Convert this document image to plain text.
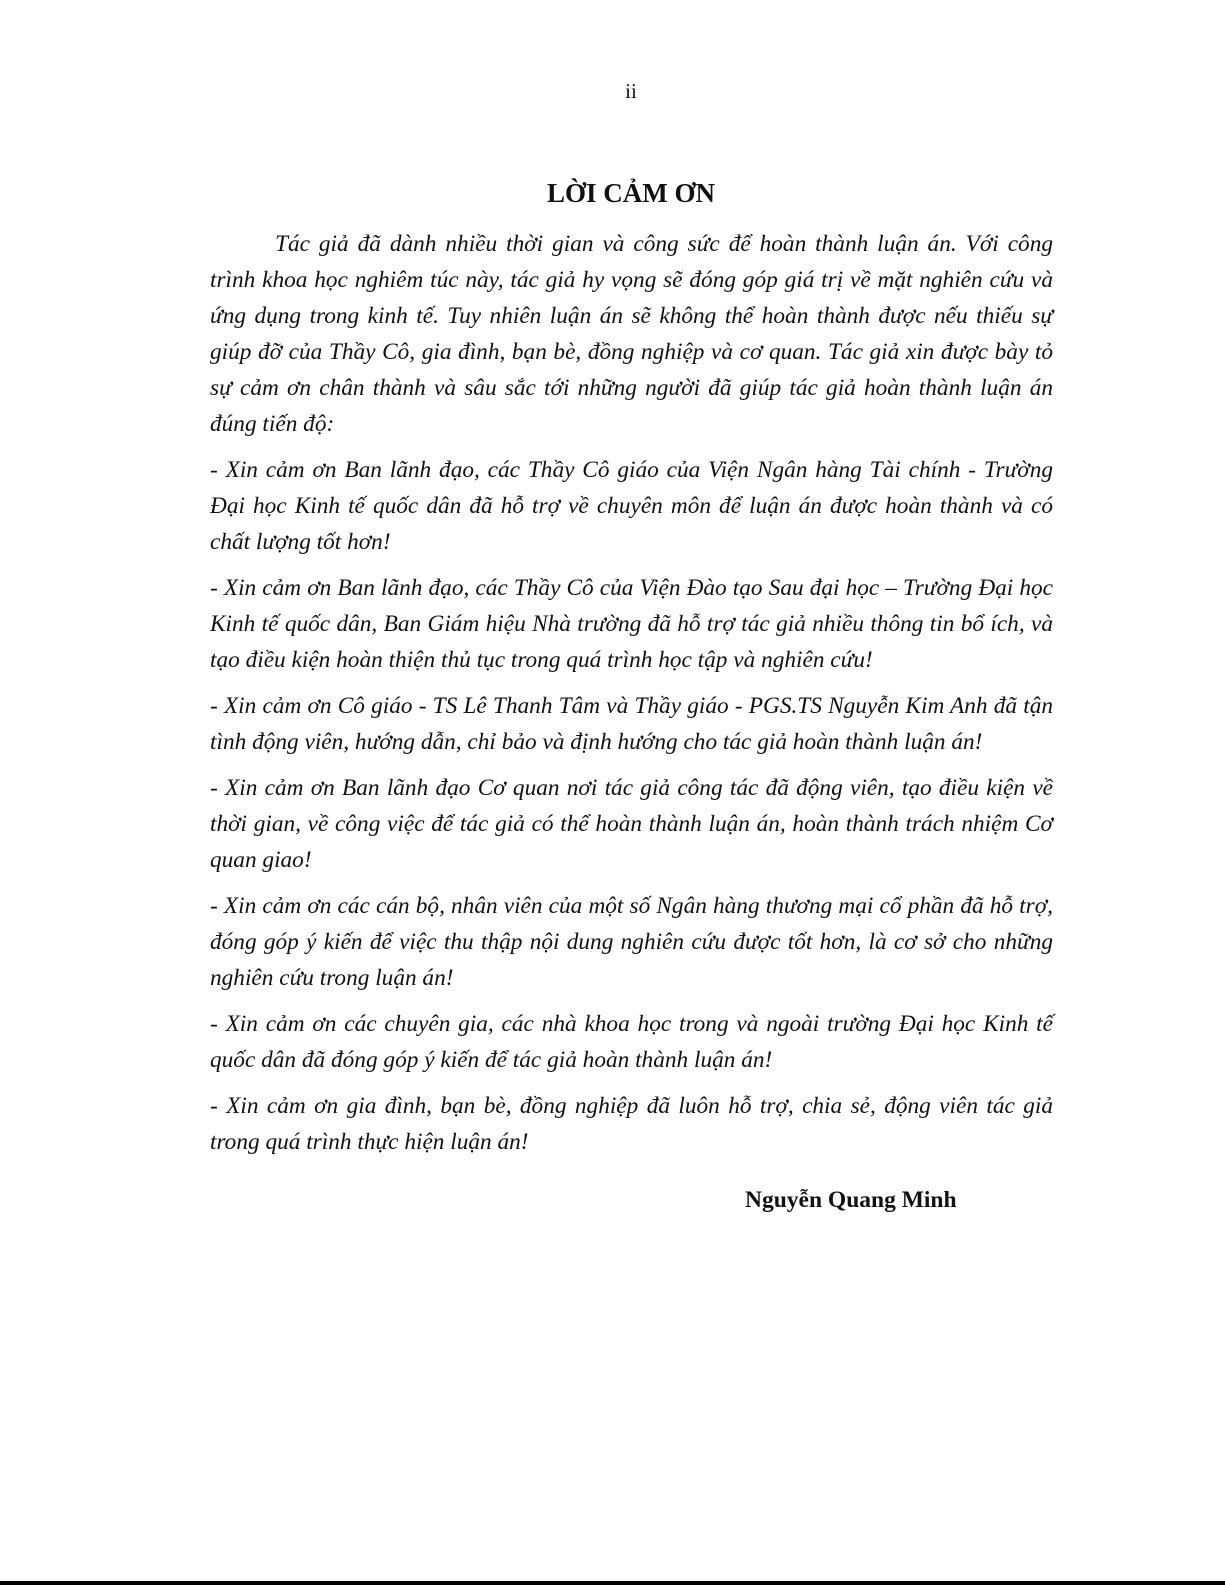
ii
LỜI CẢM ƠN

Tác giả đã dành nhiều thời gian và công sức để hoàn thành luận án. Với công trình khoa học nghiêm túc này, tác giả hy vọng sẽ đóng góp giá trị về mặt nghiên cứu và ứng dụng trong kinh tế. Tuy nhiên luận án sẽ không thể hoàn thành được nếu thiếu sự giúp đỡ của Thầy Cô, gia đình, bạn bè, đồng nghiệp và cơ quan. Tác giả xin được bày tỏ sự cảm ơn chân thành và sâu sắc tới những người đã giúp tác giả hoàn thành luận án đúng tiến độ:

- Xin cảm ơn Ban lãnh đạo, các Thầy Cô giáo của Viện Ngân hàng Tài chính - Trường Đại học Kinh tế quốc dân đã hỗ trợ về chuyên môn để luận án được hoàn thành và có chất lượng tốt hơn!

- Xin cảm ơn Ban lãnh đạo, các Thầy Cô của Viện Đào tạo Sau đại học – Trường Đại học Kinh tế quốc dân, Ban Giám hiệu Nhà trường đã hỗ trợ tác giả nhiều thông tin bổ ích, và tạo điều kiện hoàn thiện thủ tục trong quá trình học tập và nghiên cứu!

- Xin cảm ơn Cô giáo - TS Lê Thanh Tâm và Thầy giáo - PGS.TS Nguyễn Kim Anh đã tận tình động viên, hướng dẫn, chỉ bảo và định hướng cho tác giả hoàn thành luận án!

- Xin cảm ơn Ban lãnh đạo Cơ quan nơi tác giả công tác đã động viên, tạo điều kiện về thời gian, về công việc để tác giả có thể hoàn thành luận án, hoàn thành trách nhiệm Cơ quan giao!

- Xin cảm ơn các cán bộ, nhân viên của một số Ngân hàng thương mại cổ phần đã hỗ trợ, đóng góp ý kiến để việc thu thập nội dung nghiên cứu được tốt hơn, là cơ sở cho những nghiên cứu trong luận án!

- Xin cảm ơn các chuyên gia, các nhà khoa học trong và ngoài trường Đại học Kinh tế quốc dân đã đóng góp ý kiến để tác giả hoàn thành luận án!

- Xin cảm ơn gia đình, bạn bè, đồng nghiệp đã luôn hỗ trợ, chia sẻ, động viên tác giả trong quá trình thực hiện luận án!

Nguyễn Quang Minh
